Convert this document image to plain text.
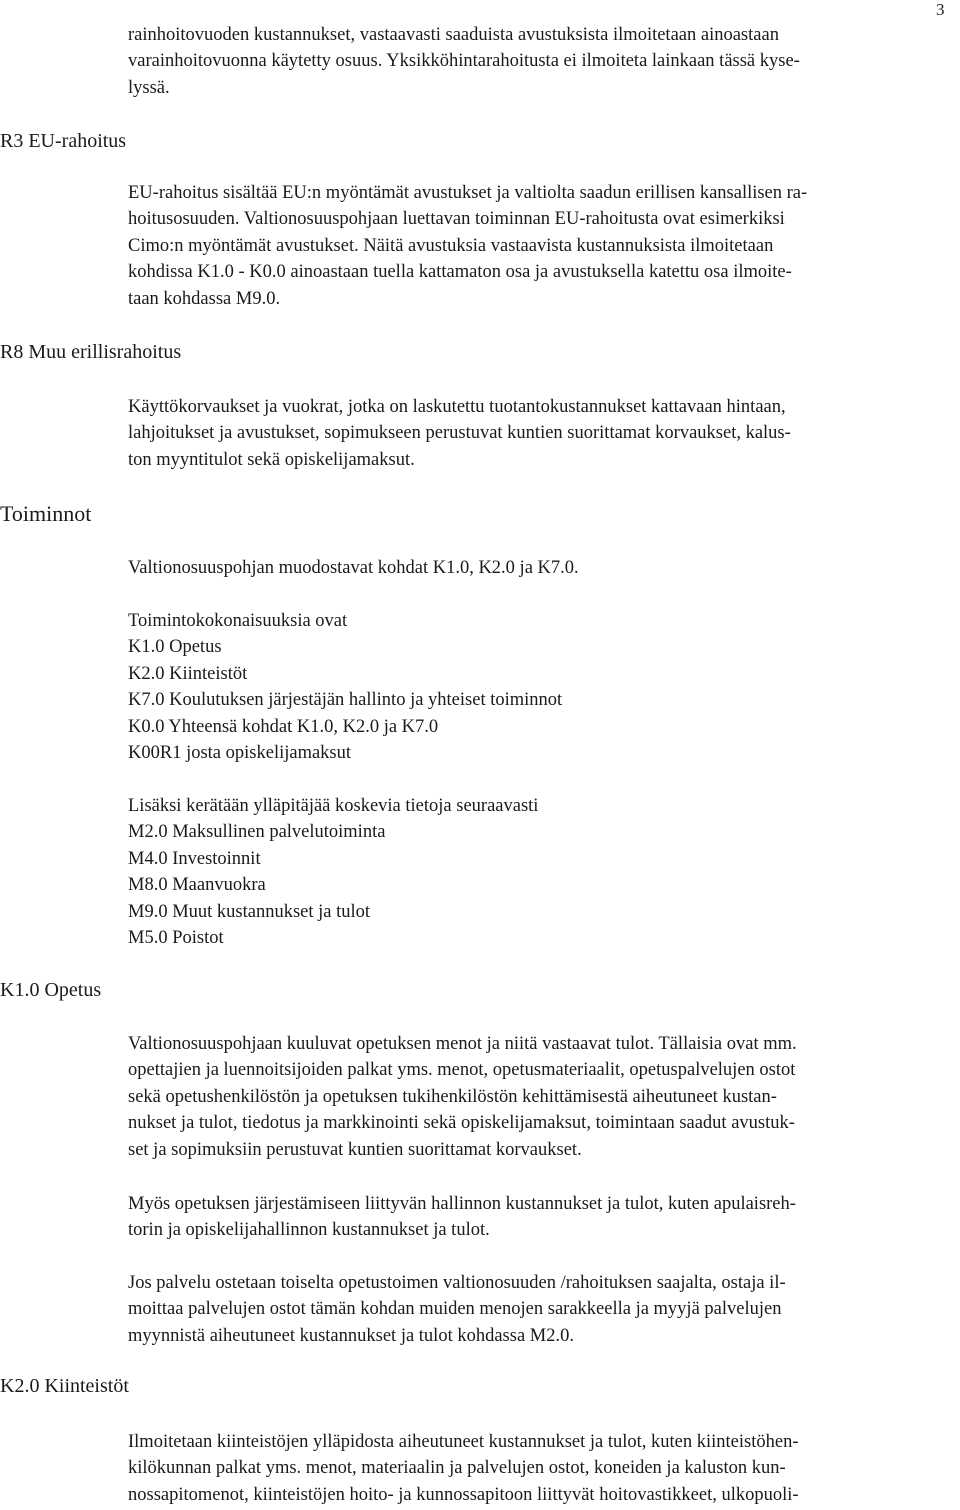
3
R3 EU-rahoitus
R8 Muu erillisrahoitus
Toiminnot
K1.0 Opetus
K2.0 Kiinteistöt
rainhoitovuoden kustannukset, vastaavasti saaduista avustuksista ilmoitetaan ainoastaan
varainhoitovuonna käytetty osuus. Yksikköhintarahoitusta ei ilmoiteta lainkaan tässä kyse-
lyssä.
EU-rahoitus sisältää EU:n myöntämät avustukset ja valtiolta saadun erillisen kansallisen ra-
hoitusosuuden. Valtionosuuspohjaan luettavan toiminnan EU-rahoitusta ovat esimerkiksi
Cimo:n myöntämät avustukset. Näitä avustuksia vastaavista kustannuksista ilmoitetaan
kohdissa K1.0 - K0.0 ainoastaan tuella kattamaton osa ja avustuksella katettu osa ilmoite-
taan kohdassa M9.0.
Käyttökorvaukset ja vuokrat, jotka on laskutettu tuotantokustannukset kattavaan hintaan,
lahjoitukset ja avustukset, sopimukseen perustuvat kuntien suorittamat korvaukset, kalus-
ton myyntitulot sekä opiskelijamaksut.
Valtionosuuspohjan muodostavat kohdat K1.0, K2.0 ja K7.0.
Toimintokokonaisuuksia ovat
K1.0 Opetus
K2.0 Kiinteistöt
K7.0 Koulutuksen järjestäjän hallinto ja yhteiset toiminnot
K0.0 Yhteensä kohdat K1.0, K2.0 ja K7.0
K00R1 josta opiskelijamaksut
Lisäksi kerätään ylläpitäjää koskevia tietoja seuraavasti
M2.0 Maksullinen palvelutoiminta
M4.0 Investoinnit
M8.0 Maanvuokra
M9.0 Muut kustannukset ja tulot
M5.0 Poistot
Valtionosuuspohjaan kuuluvat opetuksen menot ja niitä vastaavat tulot. Tällaisia ovat mm.
opettajien ja luennoitsijoiden palkat yms. menot, opetusmateriaalit, opetuspalvelujen ostot
sekä opetushenkilöstön ja opetuksen tukihenkilöstön kehittämisestä aiheutuneet kustan-
nukset ja tulot, tiedotus ja markkinointi sekä opiskelijamaksut, toimintaan saadut avustuk-
set ja sopimuksiin perustuvat kuntien suorittamat korvaukset.
Myös opetuksen järjestämiseen liittyvän hallinnon kustannukset ja tulot, kuten apulaisreh-
torin ja opiskelijahallinnon kustannukset ja tulot.
Jos palvelu ostetaan toiselta opetustoimen valtionosuuden /rahoituksen saajalta, ostaja il-
moittaa palvelujen ostot tämän kohdan muiden menojen sarakkeella ja myyjä palvelujen
myynnistä aiheutuneet kustannukset ja tulot kohdassa M2.0.
Ilmoitetaan kiinteistöjen ylläpidosta aiheutuneet kustannukset ja tulot, kuten kiinteistöhen-
kilökunnan palkat yms. menot, materiaalin ja palvelujen ostot, koneiden ja kaluston kun-
nossapitomenot, kiinteistöjen hoito- ja kunnossapitoon liittyvät hoitovastikkeet, ulkopuoli-
